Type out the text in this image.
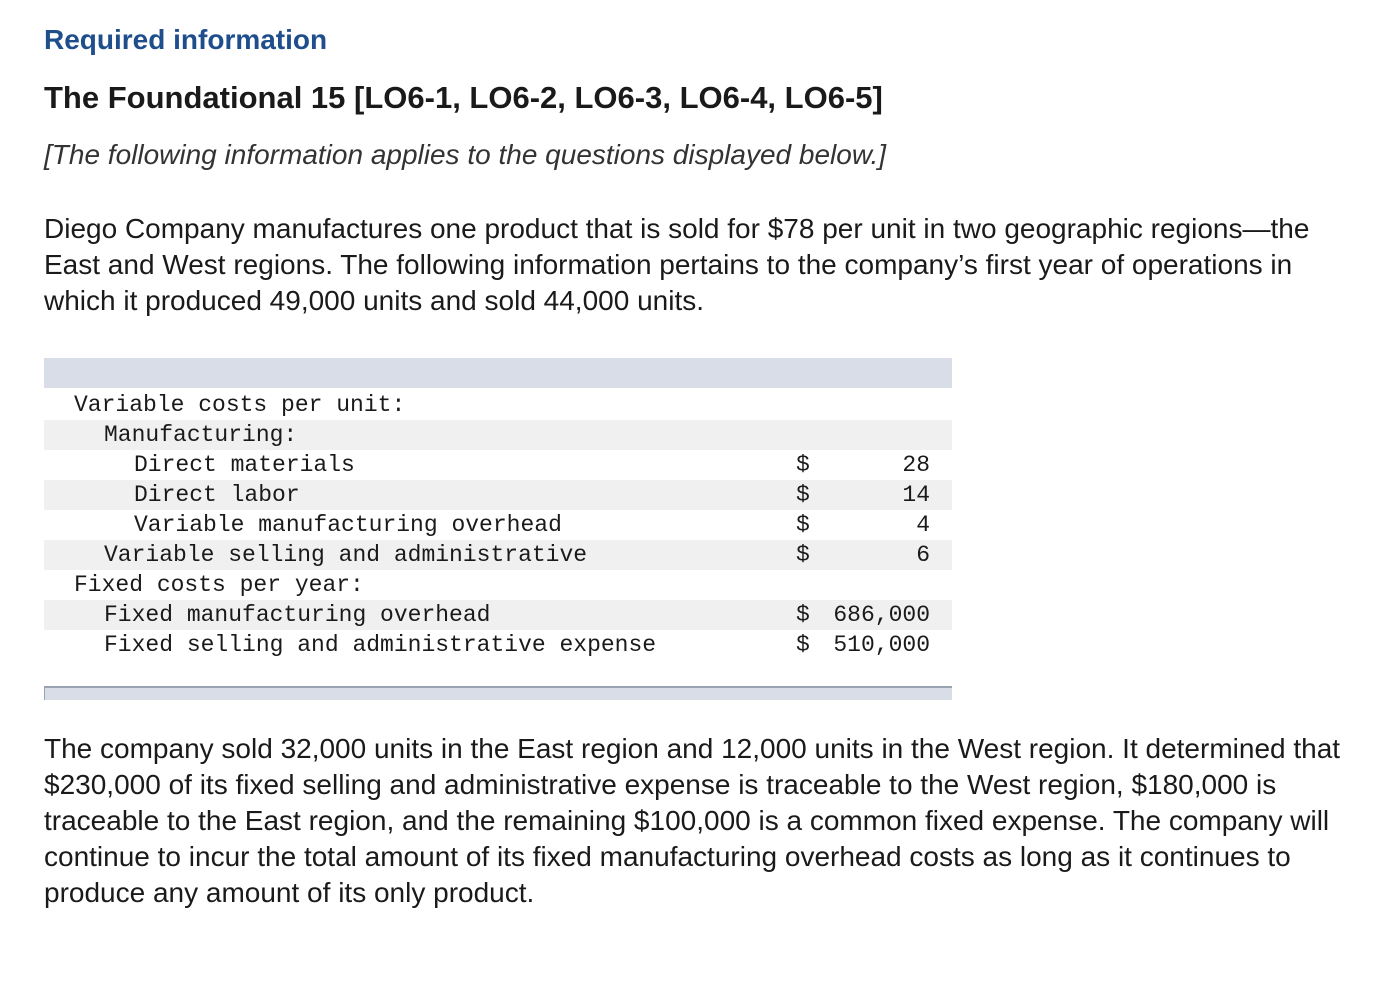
Required information

The Foundational 15 [LO6-1, LO6-2, LO6-3, LO6-4, LO6-5]

[The following information applies to the questions displayed below.]

Diego Company manufactures one product that is sold for $78 per unit in two geographic regions—the East and West regions. The following information pertains to the company’s first year of operations in which it produced 49,000 units and sold 44,000 units.

Variable costs per unit:
Manufacturing:
Direct materials	$	28
Direct labor	$	14
Variable manufacturing overhead	$	4
Variable selling and administrative	$	6
Fixed costs per year:
Fixed manufacturing overhead	$ 686,000
Fixed selling and administrative expense	$ 510,000

The company sold 32,000 units in the East region and 12,000 units in the West region. It determined that $230,000 of its fixed selling and administrative expense is traceable to the West region, $180,000 is traceable to the East region, and the remaining $100,000 is a common fixed expense. The company will continue to incur the total amount of its fixed manufacturing overhead costs as long as it continues to produce any amount of its only product.
